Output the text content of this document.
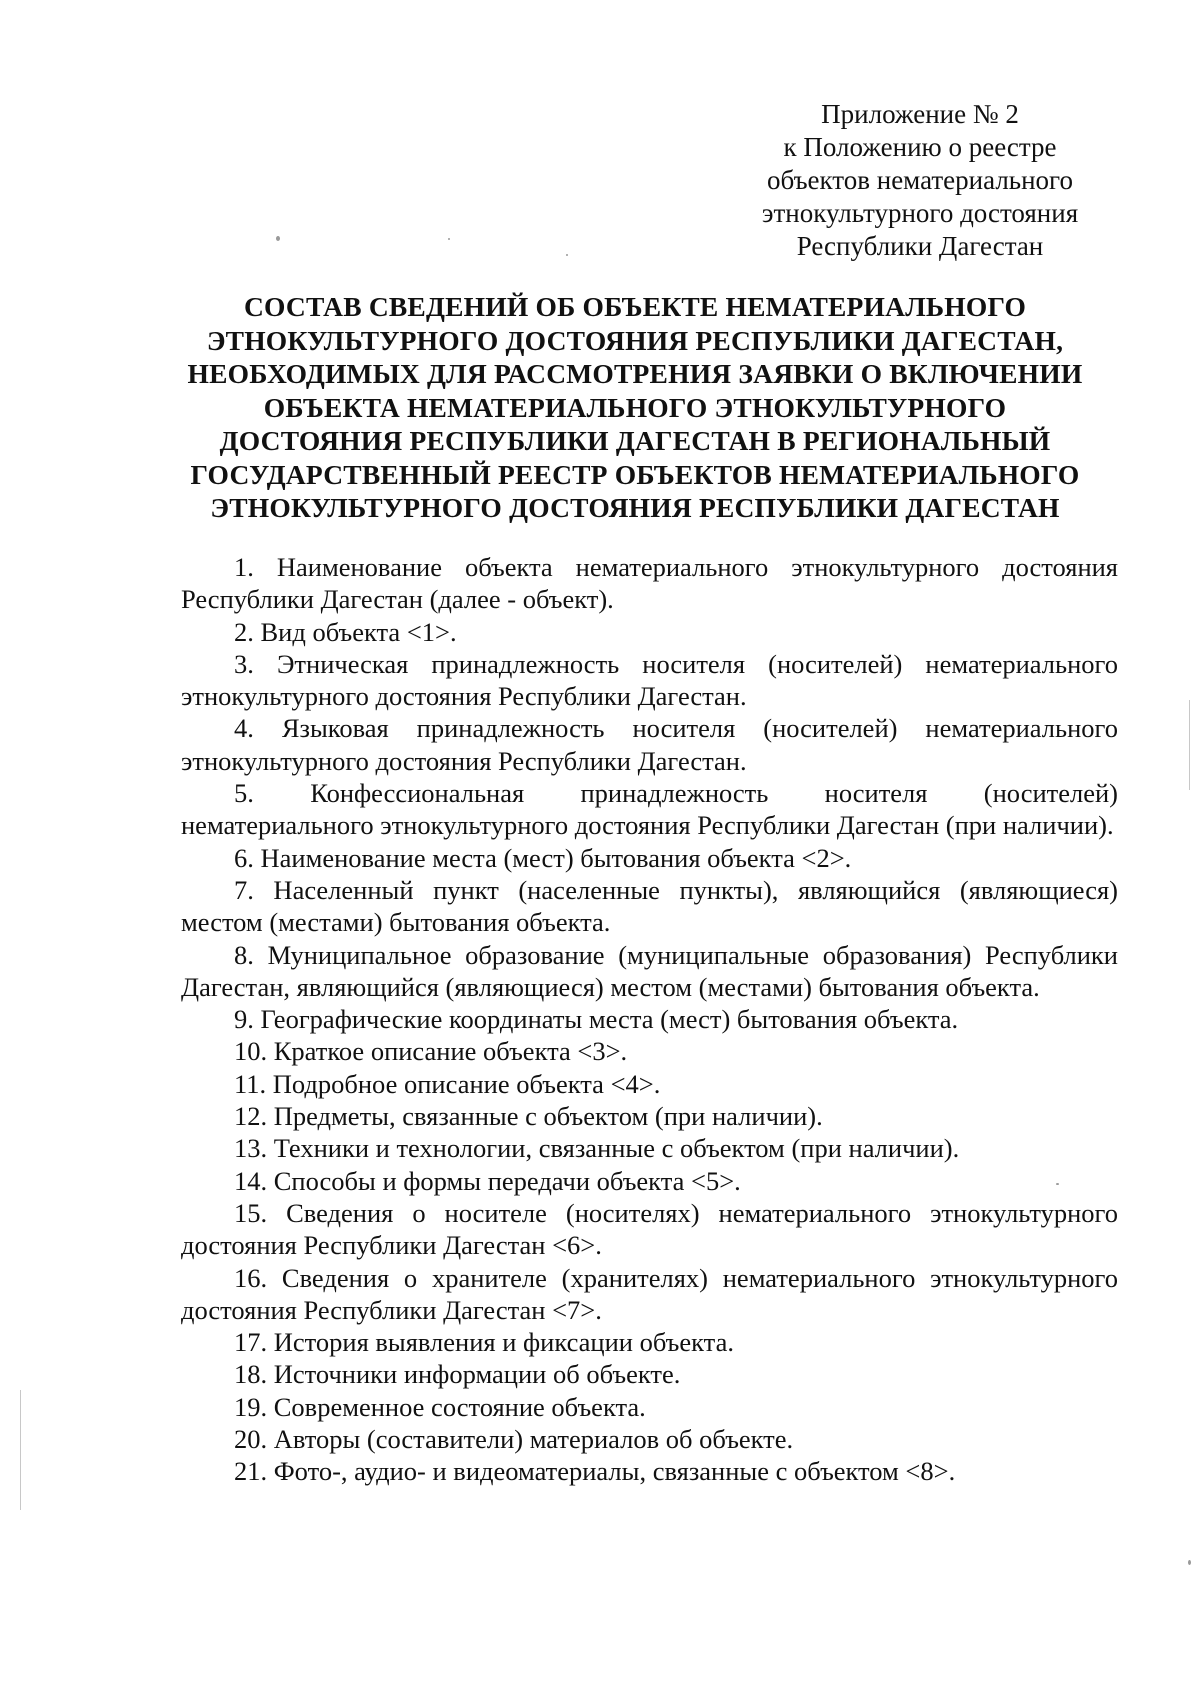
Приложение № 2
к Положению о реестре
объектов нематериального
этнокультурного достояния
Республики Дагестан
СОСТАВ СВЕДЕНИЙ ОБ ОБЪЕКТЕ НЕМАТЕРИАЛЬНОГО
ЭТНОКУЛЬТУРНОГО ДОСТОЯНИЯ РЕСПУБЛИКИ ДАГЕСТАН,
НЕОБХОДИМЫХ ДЛЯ РАССМОТРЕНИЯ ЗАЯВКИ О ВКЛЮЧЕНИИ
ОБЪЕКТА НЕМАТЕРИАЛЬНОГО ЭТНОКУЛЬТУРНОГО
ДОСТОЯНИЯ РЕСПУБЛИКИ ДАГЕСТАН В РЕГИОНАЛЬНЫЙ
ГОСУДАРСТВЕННЫЙ РЕЕСТР ОБЪЕКТОВ НЕМАТЕРИАЛЬНОГО
ЭТНОКУЛЬТУРНОГО ДОСТОЯНИЯ РЕСПУБЛИКИ ДАГЕСТАН

1. Наименование объекта нематериального этнокультурного достояния Республики Дагестан (далее - объект).

2. Вид объекта <1>.

3. Этническая принадлежность носителя (носителей) нематериального этнокультурного достояния Республики Дагестан.

4. Языковая принадлежность носителя (носителей) нематериального этнокультурного достояния Республики Дагестан.

5. Конфессиональная принадлежность носителя (носителей) нематериального этнокультурного достояния Республики Дагестан (при наличии).

6. Наименование места (мест) бытования объекта <2>.

7. Населенный пункт (населенные пункты), являющийся (являющиеся) местом (местами) бытования объекта.

8. Муниципальное образование (муниципальные образования) Республики Дагестан, являющийся (являющиеся) местом (местами) бытования объекта.

9. Географические координаты места (мест) бытования объекта.

10. Краткое описание объекта <3>.

11. Подробное описание объекта <4>.

12. Предметы, связанные с объектом (при наличии).

13. Техники и технологии, связанные с объектом (при наличии).

14. Способы и формы передачи объекта <5>.

15. Сведения о носителе (носителях) нематериального этнокультурного достояния Республики Дагестан <6>.

16. Сведения о хранителе (хранителях) нематериального этнокультурного достояния Республики Дагестан <7>.

17. История выявления и фиксации объекта.

18. Источники информации об объекте.

19. Современное состояние объекта.

20. Авторы (составители) материалов об объекте.

21. Фото-, аудио- и видеоматериалы, связанные с объектом <8>.
